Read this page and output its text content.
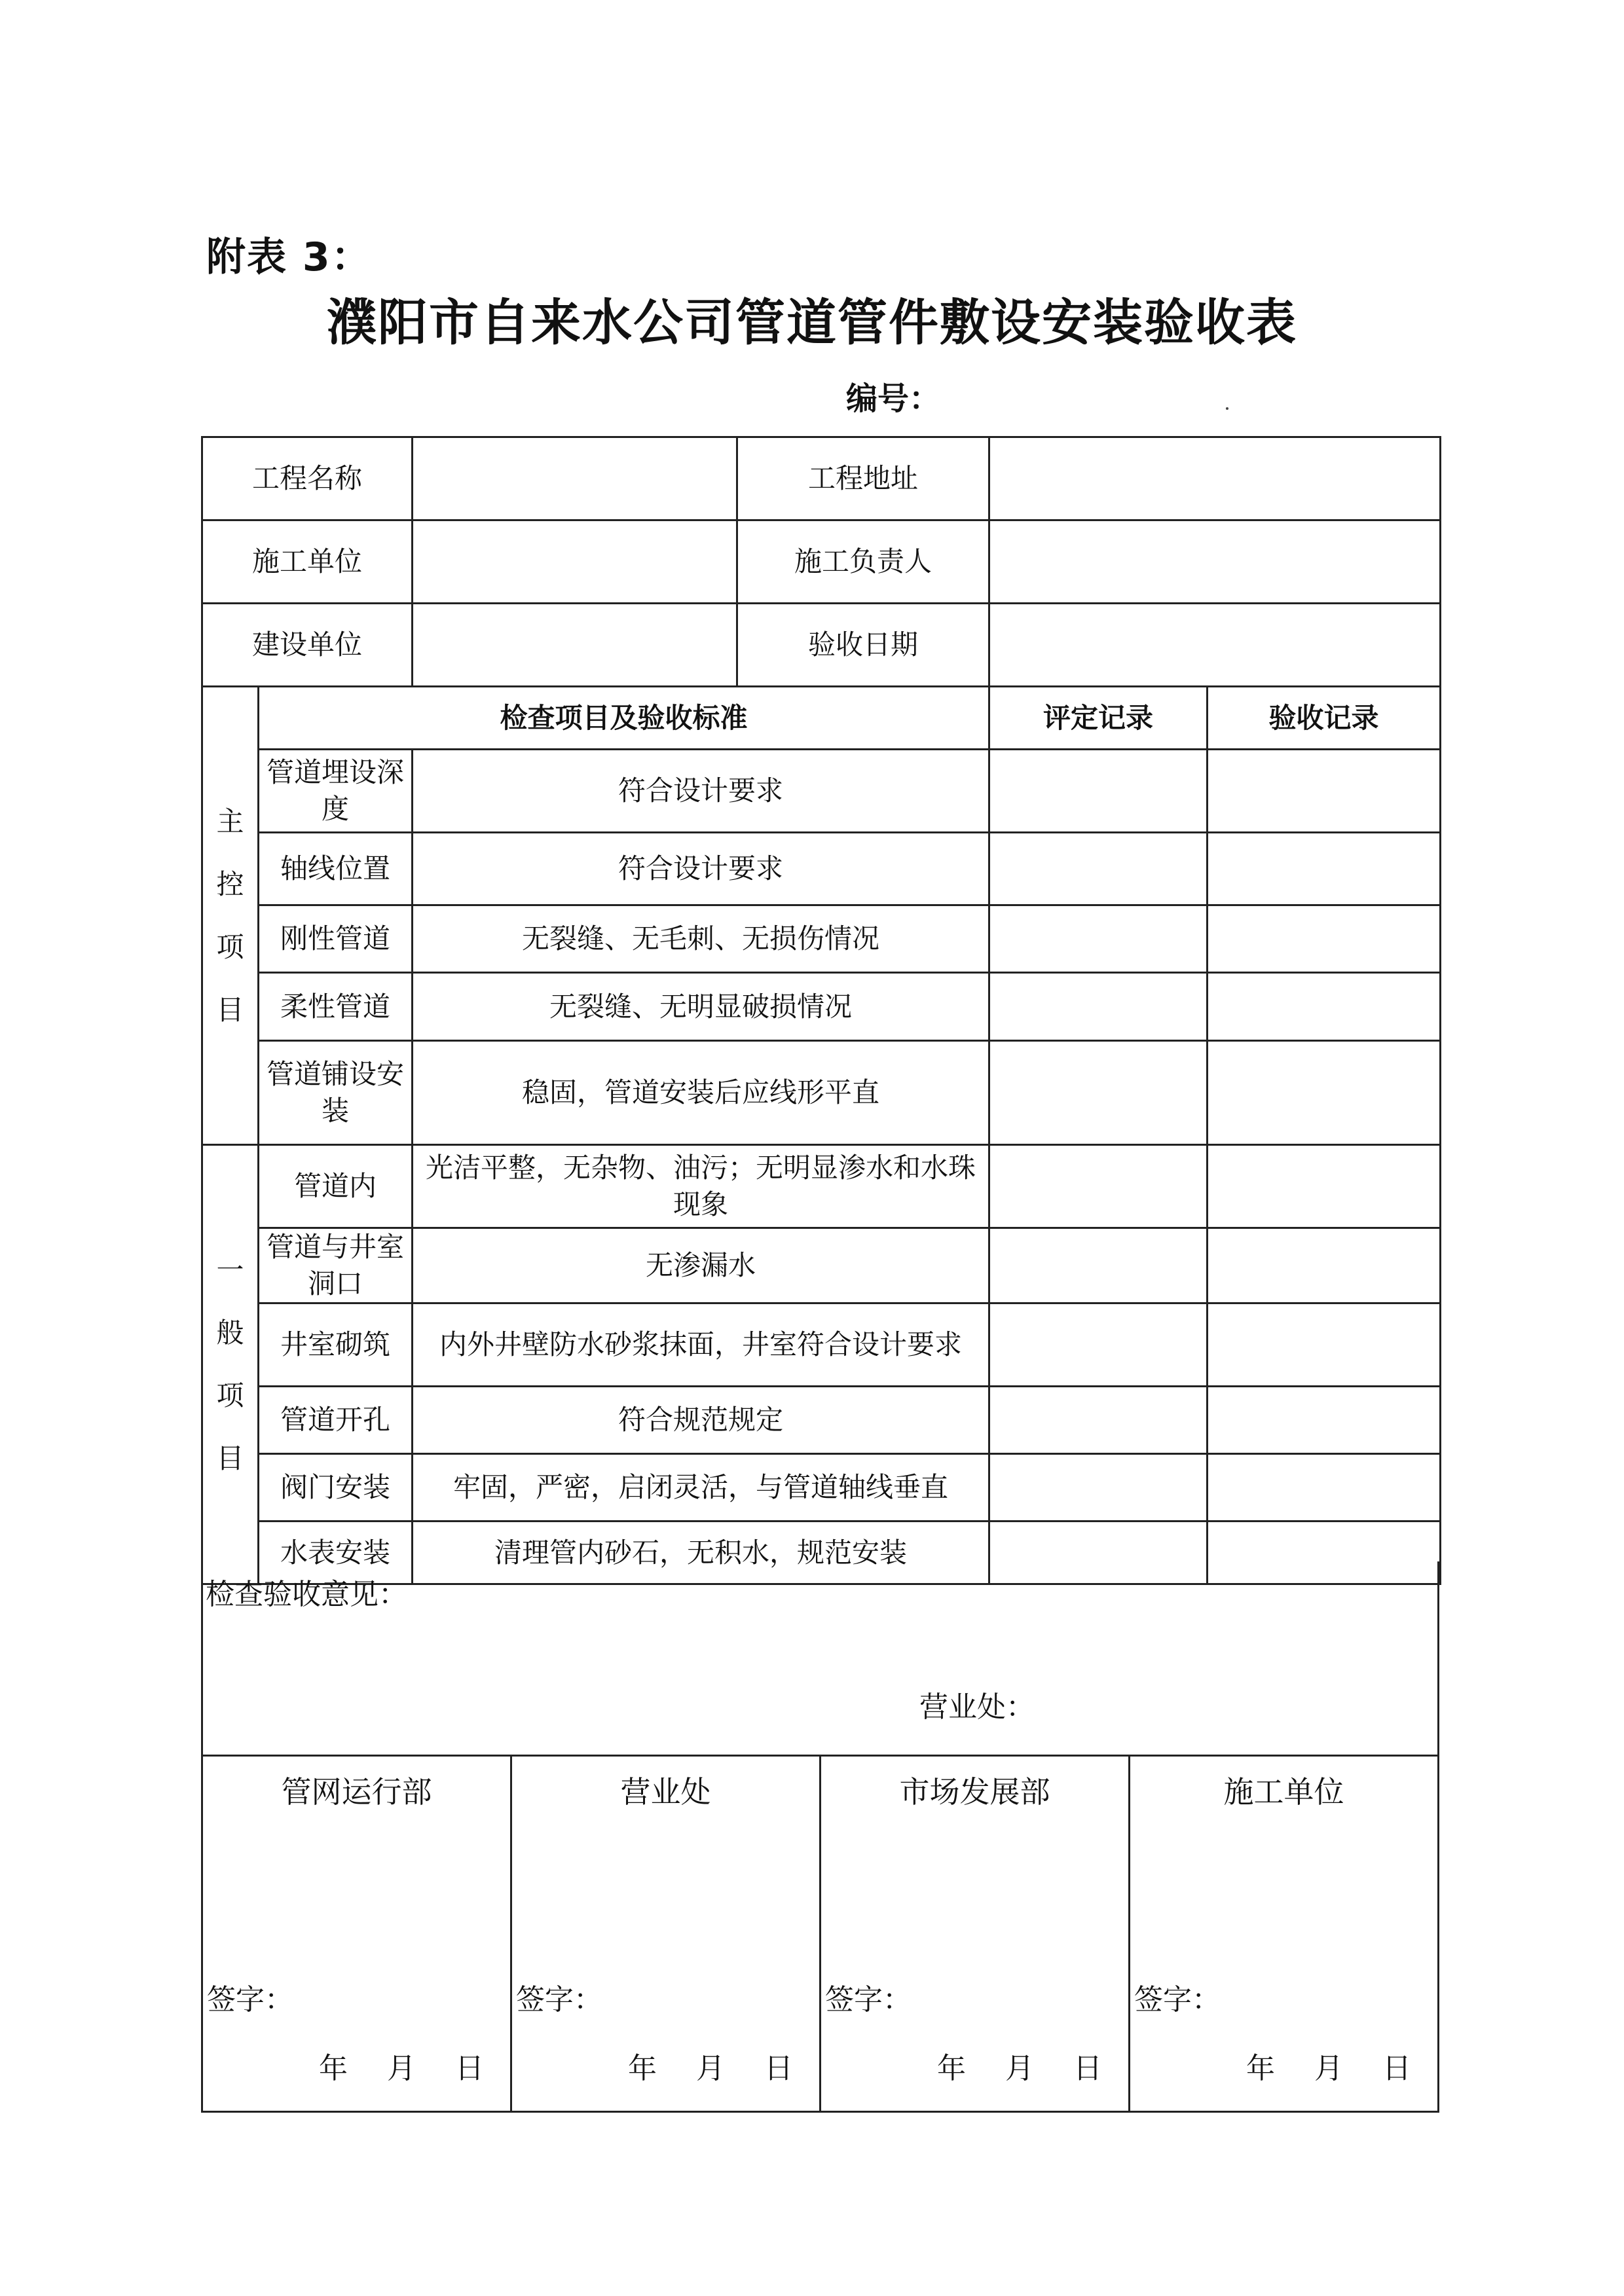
附表 3：
濮阳市自来水公司管道管件敷设安装验收表
编号：
工程名称			工程地址		
施工单位			施工负责人		
建设单位			验收日期		

主
控
项
目	检查项目及验收标准			评定记录	验收记录
	管道埋设深度	符合设计要求			
	轴线位置	符合设计要求			
	刚性管道	无裂缝、无毛刺、无损伤情况			
	柔性管道	无裂缝、无明显破损情况			
	管道铺设安装	稳固，管道安装后应线形平直			

一
般
项
目	管道内	光洁平整，无杂物、油污；无明显渗水和水珠现象			
	管道与井室洞口	无渗漏水			
	井室砌筑	内外井壁防水砂浆抹面，井室符合设计要求			
	管道开孔	符合规范规定			
	阀门安装	牢固，严密，启闭灵活，与管道轴线垂直			
	水表安装	清理管内砂石，无积水，规范安装			
检查验收意见：
营业处：
管网运行部
签字：
年 月 日
营业处
签字：
年 月 日
市场发展部
签字：
年 月 日
施工单位
签字：
年 月 日
